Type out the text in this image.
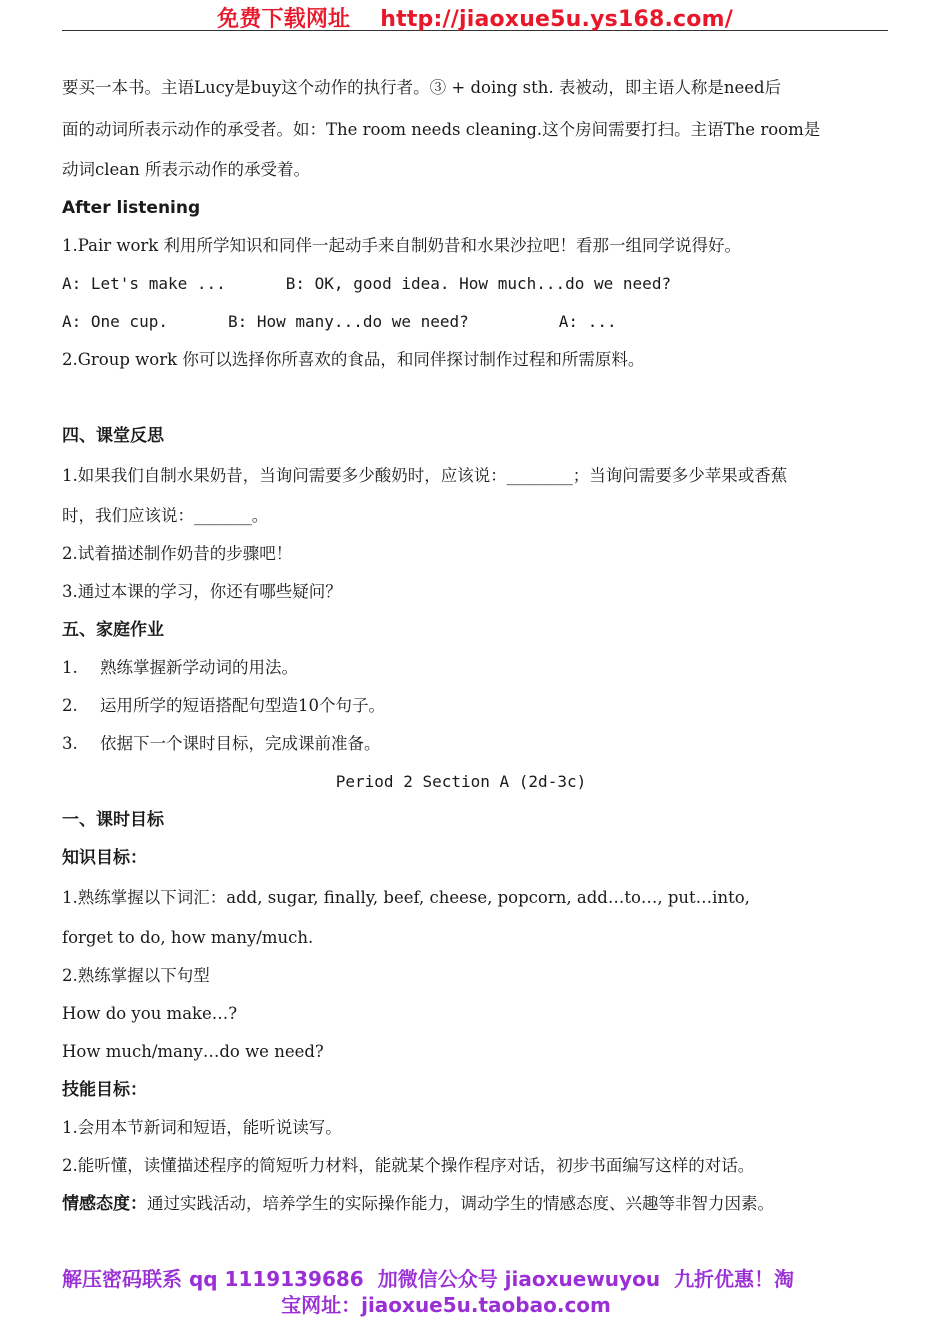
免费下载网址 http://jiaoxue5u.ys168.com/

要买一本书。主语Lucy是buy这个动作的执行者。③ + doing sth. 表被动，即主语人称是need后

面的动词所表示动作的承受者。如：The room needs cleaning.这个房间需要打扫。主语The room是

动词clean 所表示动作的承受着。

After listening

1.Pair work 利用所学知识和同伴一起动手来自制奶昔和水果沙拉吧！看那一组同学说得好。

A: Let's make ...	B: OK, good idea. How much...do we need?

A: One cup.	B: How many...do we need?	A: ...

2.Group work 你可以选择你所喜欢的食品，和同伴探讨制作过程和所需原料。

四、课堂反思

1.如果我们自制水果奶昔，当询问需要多少酸奶时，应该说：________；当询问需要多少苹果或香蕉

时，我们应该说：_______。

2.试着描述制作奶昔的步骤吧！

3.通过本课的学习，你还有哪些疑问？

五、家庭作业

1. 熟练掌握新学动词的用法。

2. 运用所学的短语搭配句型造10个句子。

3. 依据下一个课时目标，完成课前准备。

Period 2 Section A (2d-3c)

一、课时目标

知识目标：

1.熟练掌握以下词汇：add, sugar, finally, beef, cheese, popcorn, add…to…, put…into,

forget to do, how many/much.

2.熟练掌握以下句型

How do you make…?

How much/many…do we need?

技能目标：

1.会用本节新词和短语，能听说读写。

2.能听懂，读懂描述程序的简短听力材料，能就某个操作程序对话，初步书面编写这样的对话。

情感态度：通过实践活动，培养学生的实际操作能力，调动学生的情感态度、兴趣等非智力因素。

解压密码联系 qq 1119139686 加微信公众号 jiaoxuewuyou 九折优惠！淘
宝网址：jiaoxue5u.taobao.com
